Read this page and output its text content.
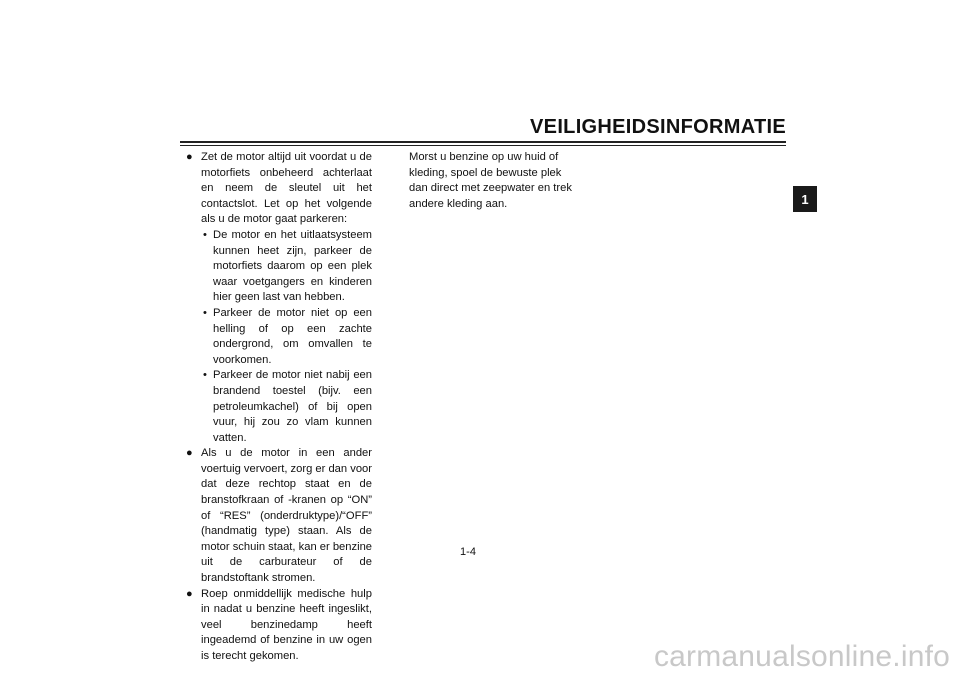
VEILIGHEIDSINFORMATIE
1
● Zet de motor altijd uit voordat u de motorfiets onbeheerd achterlaat en neem de sleutel uit het contactslot. Let op het volgende als u de motor gaat parkeren:
• De motor en het uitlaatsysteem kunnen heet zijn, parkeer de motorfiets daarom op een plek waar voetgangers en kinderen hier geen last van hebben.
• Parkeer de motor niet op een helling of op een zachte ondergrond, om omvallen te voorkomen.
• Parkeer de motor niet nabij een brandend toestel (bijv. een petroleumkachel) of bij open vuur, hij zou zo vlam kunnen vatten.
● Als u de motor in een ander voertuig vervoert, zorg er dan voor dat deze rechtop staat en de branstofkraan of -kranen op “ON” of “RES” (onderdruktype)/“OFF” (handmatig type) staan. Als de motor schuin staat, kan er benzine uit de carburateur of de brandstoftank stromen.
● Roep onmiddellijk medische hulp in nadat u benzine heeft ingeslikt, veel benzinedamp heeft ingeademd of benzine in uw ogen is terecht gekomen.

Morst u benzine op uw huid of kleding, spoel de bewuste plek dan direct met zeepwater en trek andere kleding aan.

1-4
carmanualsonline.info
